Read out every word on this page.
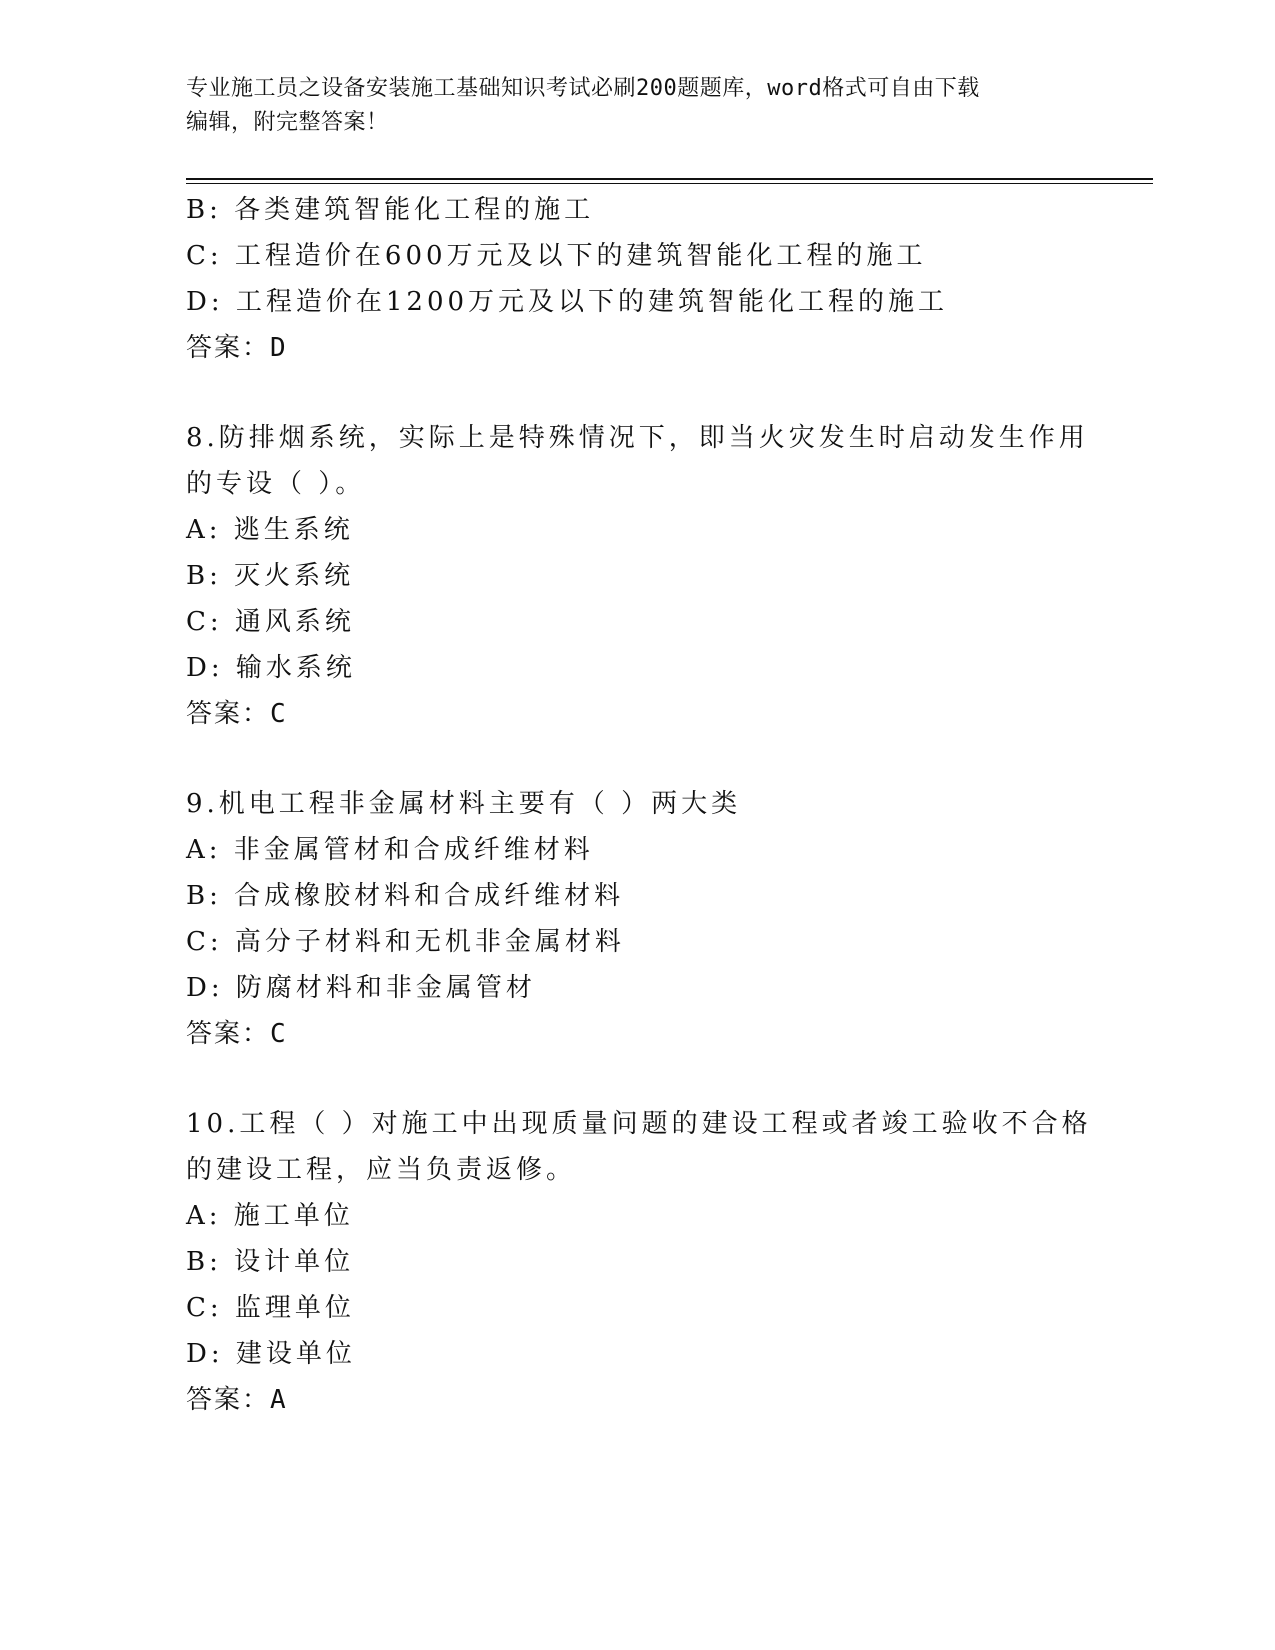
专业施工员之设备安装施工基础知识考试必刷200题题库，word格式可自由下载
编辑，附完整答案！
B: 各类建筑智能化工程的施工
C: 工程造价在600万元及以下的建筑智能化工程的施工
D: 工程造价在1200万元及以下的建筑智能化工程的施工
答案：D
8.防排烟系统，实际上是特殊情况下，即当火灾发生时启动发生作用
的专设（ ）。
A: 逃生系统
B: 灭火系统
C: 通风系统
D: 输水系统
答案：C
9.机电工程非金属材料主要有（ ）两大类
A: 非金属管材和合成纤维材料
B: 合成橡胶材料和合成纤维材料
C: 高分子材料和无机非金属材料
D: 防腐材料和非金属管材
答案：C
10.工程（ ）对施工中出现质量问题的建设工程或者竣工验收不合格
的建设工程，应当负责返修。
A: 施工单位
B: 设计单位
C: 监理单位
D: 建设单位
答案：A
